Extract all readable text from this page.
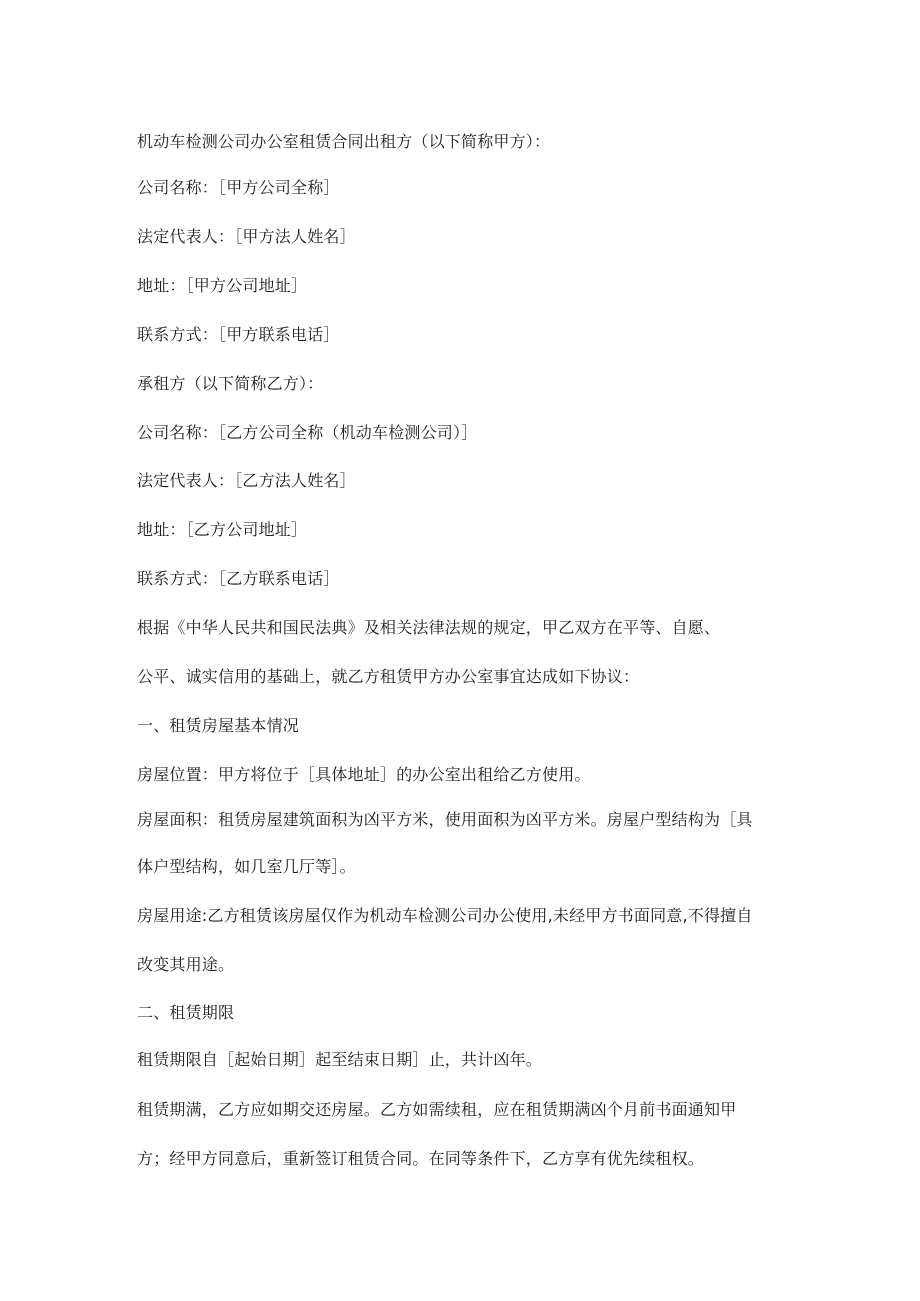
机动车检测公司办公室租赁合同出租方（以下简称甲方）：
公司名称：［甲方公司全称］
法定代表人：［甲方法人姓名］
地址：［甲方公司地址］
联系方式：［甲方联系电话］
承租方（以下简称乙方）：
公司名称：［乙方公司全称（机动车检测公司）］
法定代表人：［乙方法人姓名］
地址：［乙方公司地址］
联系方式：［乙方联系电话］
根据《中华人民共和国民法典》及相关法律法规的规定，甲乙双方在平等、自愿、
公平、诚实信用的基础上，就乙方租赁甲方办公室事宜达成如下协议：
一、租赁房屋基本情况
房屋位置：甲方将位于［具体地址］的办公室出租给乙方使用。
房屋面积：租赁房屋建筑面积为凶平方米，使用面积为凶平方米。房屋户型结构为［具
体户型结构，如几室几厅等］。
房屋用途:乙方租赁该房屋仅作为机动车检测公司办公使用,未经甲方书面同意,不得擅自
改变其用途。
二、租赁期限
租赁期限自［起始日期］起至结束日期］止，共计凶年。
租赁期满，乙方应如期交还房屋。乙方如需续租，应在租赁期满凶个月前书面通知甲
方；经甲方同意后，重新签订租赁合同。在同等条件下，乙方享有优先续租权。
